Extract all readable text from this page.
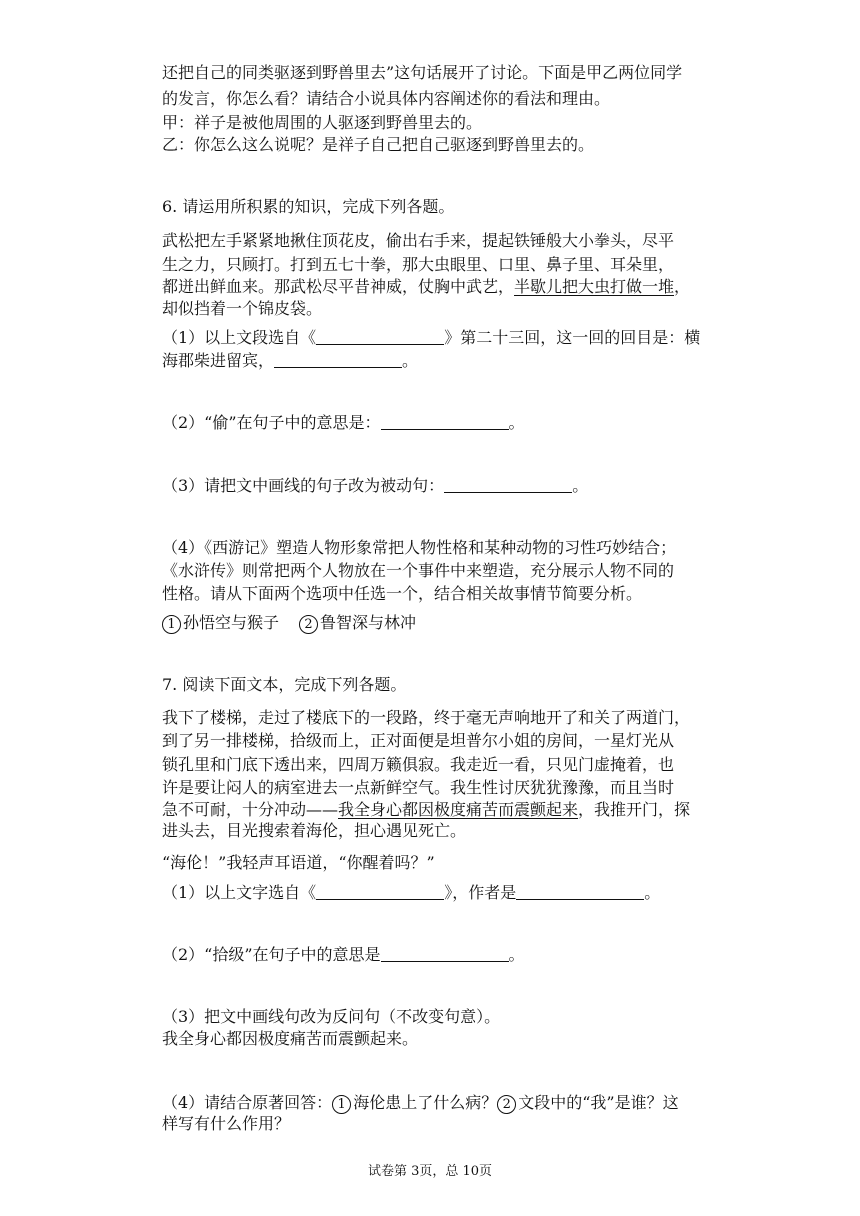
还把自己的同类驱逐到野兽里去”这句话展开了讨论。下面是甲乙两位同学
的发言，你怎么看？请结合小说具体内容阐述你的看法和理由。
甲：祥子是被他周围的人驱逐到野兽里去的。
乙：你怎么这么说呢？是祥子自己把自己驱逐到野兽里去的。
6. 请运用所积累的知识，完成下列各题。
武松把左手紧紧地揪住顶花皮，偷出右手来，提起铁锤般大小拳头，尽平
生之力，只顾打。打到五七十拳，那大虫眼里、口里、鼻子里、耳朵里，
都迸出鲜血来。那武松尽平昔神威，仗胸中武艺，半歇儿把大虫打做一堆，
却似挡着一个锦皮袋。
（1）以上文段选自《	》第二十三回，这一回的回目是：横
海郡柴进留宾，	。
（2）“偷”在句子中的意思是：	。
（3）请把文中画线的句子改为被动句：	。
（4）《西游记》塑造人物形象常把人物性格和某种动物的习性巧妙结合；
《水浒传》则常把两个人物放在一个事件中来塑造，充分展示人物不同的
性格。请从下面两个选项中任选一个，结合相关故事情节简要分析。
1 孙悟空与猴子 2 鲁智深与林冲
7. 阅读下面文本，完成下列各题。
我下了楼梯，走过了楼底下的一段路，终于毫无声响地开了和关了两道门，
到了另一排楼梯，拾级而上，正对面便是坦普尔小姐的房间，一星灯光从
锁孔里和门底下透出来，四周万籁俱寂。我走近一看，只见门虚掩着，也
许是要让闷人的病室进去一点新鲜空气。我生性讨厌犹犹豫豫，而且当时
急不可耐，十分冲动——我全身心都因极度痛苦而震颤起来，我推开门，探
进头去，目光搜索着海伦，担心遇见死亡。
“海伦！”我轻声耳语道，“你醒着吗？”
（1）以上文字选自《	》，作者是	。
（2）“拾级”在句子中的意思是	。
（3）把文中画线句改为反问句（不改变句意）。
我全身心都因极度痛苦而震颤起来。
（4）请结合原著回答： 1 海伦患上了什么病？ 2 文段中的“我”是谁？这
样写有什么作用？
试卷第 3页，总 10页
